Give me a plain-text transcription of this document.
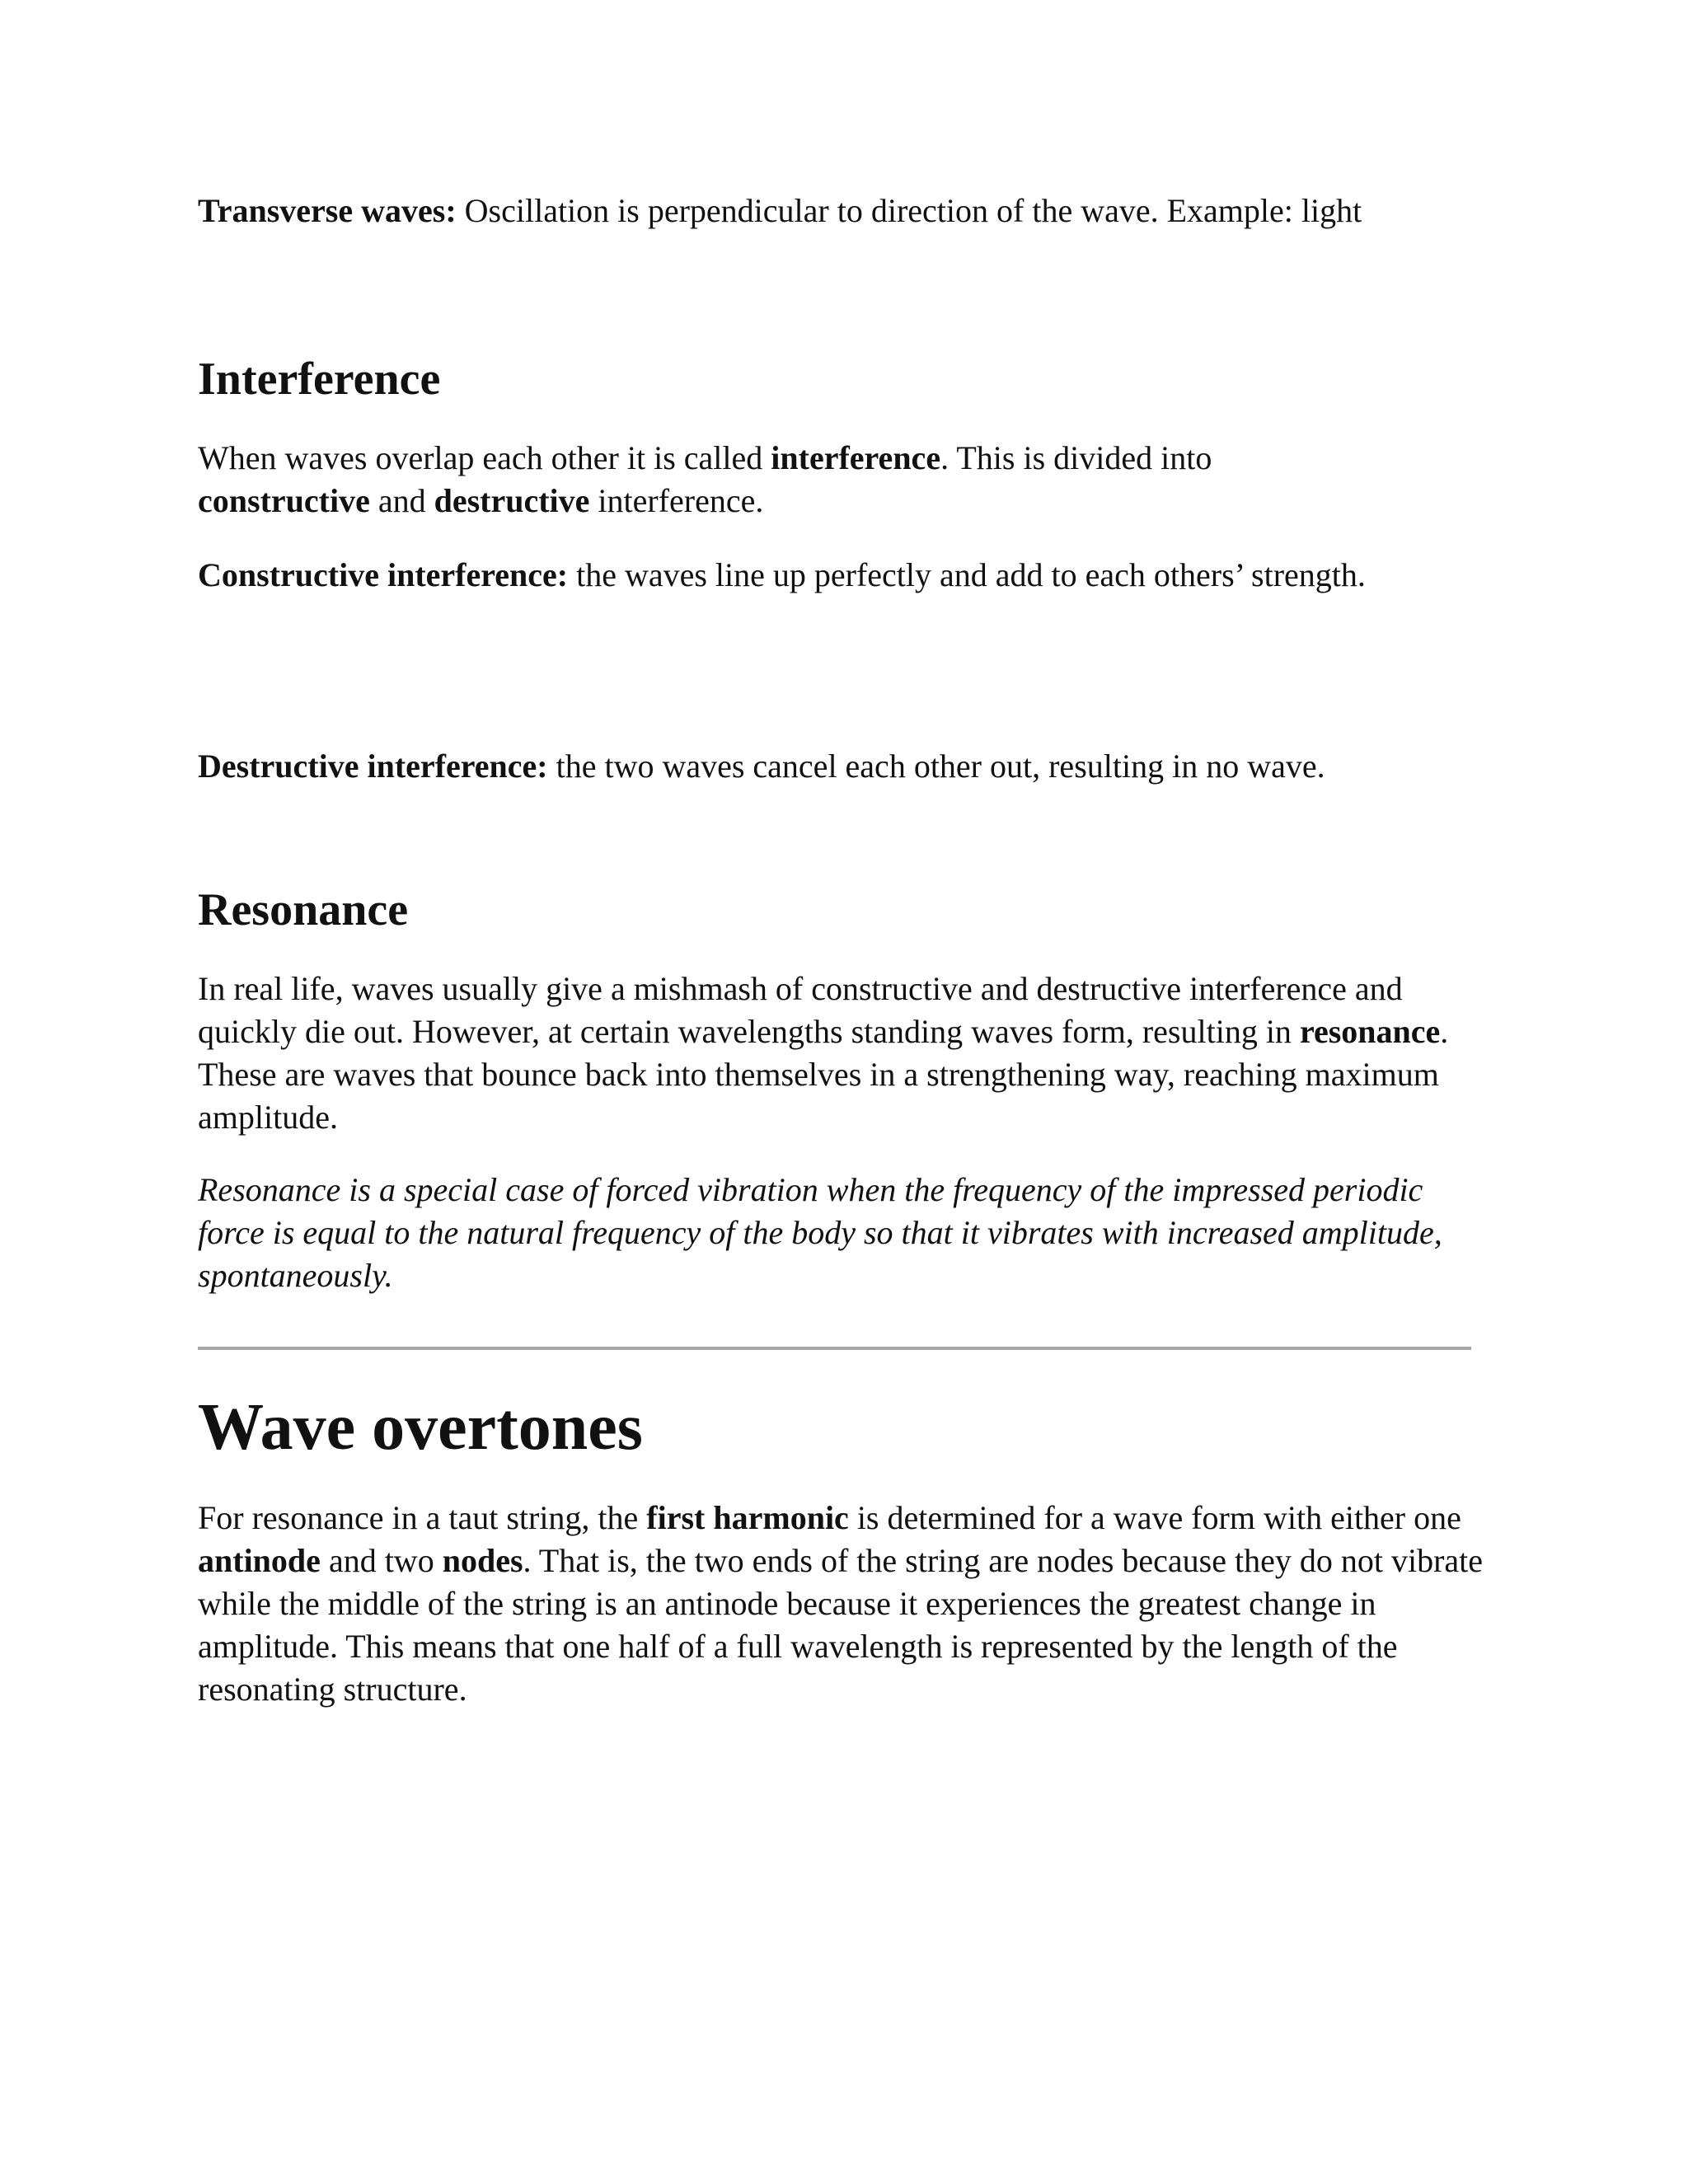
Transverse waves: Oscillation is perpendicular to direction of the wave. Example: light

Interference

When waves overlap each other it is called interference. This is divided into constructive and destructive interference.

Constructive interference: the waves line up perfectly and add to each others’ strength.

Destructive interference: the two waves cancel each other out, resulting in no wave.

Resonance

In real life, waves usually give a mishmash of constructive and destructive interference and quickly die out. However, at certain wavelengths standing waves form, resulting in resonance. These are waves that bounce back into themselves in a strengthening way, reaching maximum amplitude.

Resonance is a special case of forced vibration when the frequency of the impressed periodic force is equal to the natural frequency of the body so that it vibrates with increased amplitude, spontaneously.

Wave overtones

For resonance in a taut string, the first harmonic is determined for a wave form with either one antinode and two nodes. That is, the two ends of the string are nodes because they do not vibrate while the middle of the string is an antinode because it experiences the greatest change in amplitude. This means that one half of a full wavelength is represented by the length of the resonating structure.
